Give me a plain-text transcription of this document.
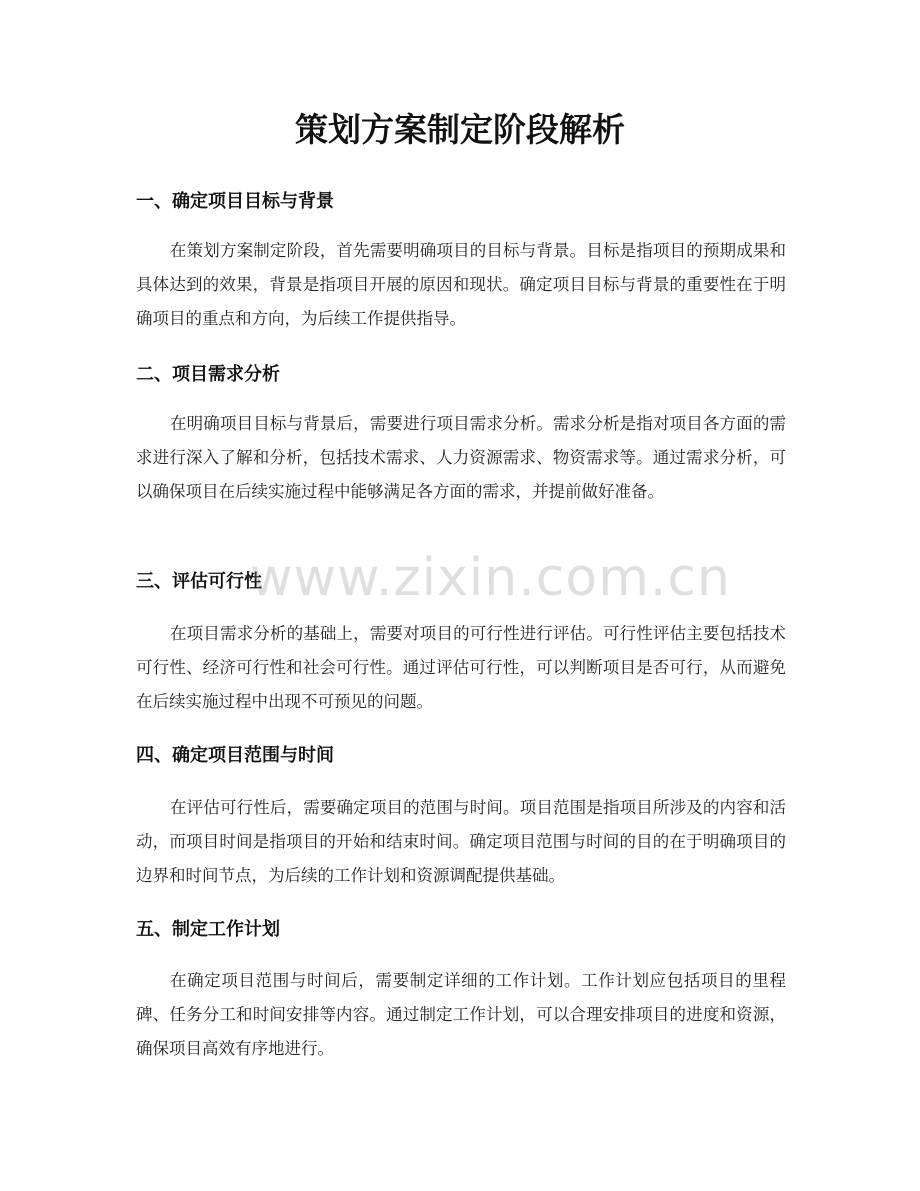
策划方案制定阶段解析
一、确定项目目标与背景

在策划方案制定阶段，首先需要明确项目的目标与背景。目标是指项目的预期成果和具体达到的效果，背景是指项目开展的原因和现状。确定项目目标与背景的重要性在于明确项目的重点和方向，为后续工作提供指导。

二、项目需求分析

在明确项目目标与背景后，需要进行项目需求分析。需求分析是指对项目各方面的需求进行深入了解和分析，包括技术需求、人力资源需求、物资需求等。通过需求分析，可以确保项目在后续实施过程中能够满足各方面的需求，并提前做好准备。

三、评估可行性

在项目需求分析的基础上，需要对项目的可行性进行评估。可行性评估主要包括技术可行性、经济可行性和社会可行性。通过评估可行性，可以判断项目是否可行，从而避免在后续实施过程中出现不可预见的问题。

四、确定项目范围与时间

在评估可行性后，需要确定项目的范围与时间。项目范围是指项目所涉及的内容和活动，而项目时间是指项目的开始和结束时间。确定项目范围与时间的目的在于明确项目的边界和时间节点，为后续的工作计划和资源调配提供基础。

五、制定工作计划

在确定项目范围与时间后，需要制定详细的工作计划。工作计划应包括项目的里程碑、任务分工和时间安排等内容。通过制定工作计划，可以合理安排项目的进度和资源，确保项目高效有序地进行。

www.zixin.com.cn
